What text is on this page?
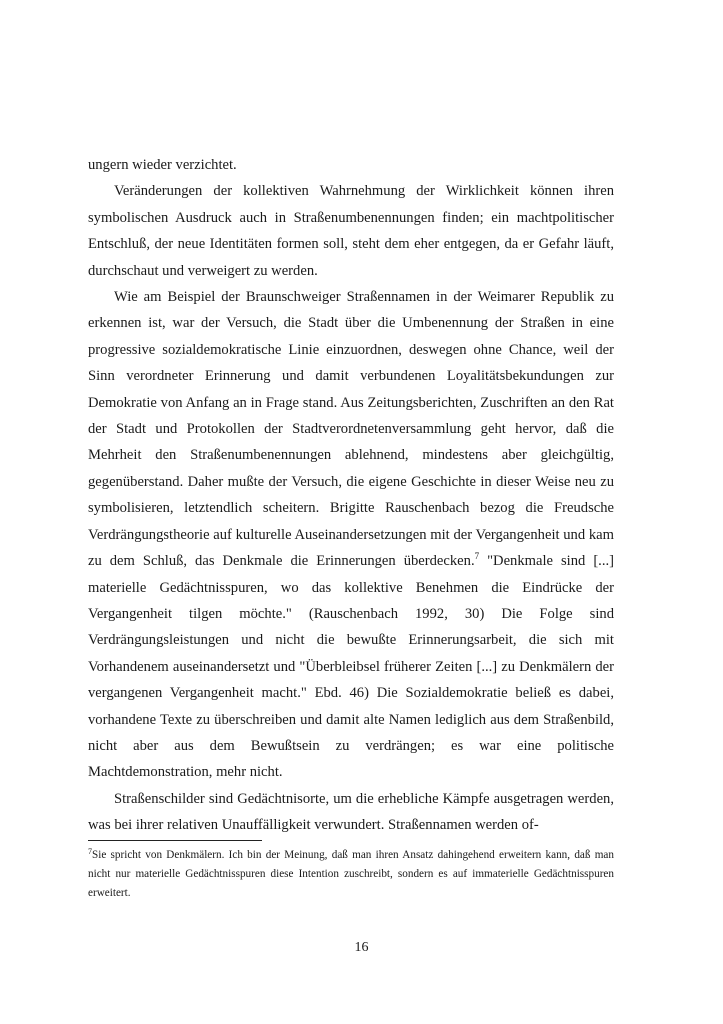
ungern wieder verzichtet.

Veränderungen der kollektiven Wahrnehmung der Wirklichkeit können ihren symbolischen Ausdruck auch in Straßenumbenennungen finden; ein machtpolitischer Entschluß, der neue Identitäten formen soll, steht dem eher entgegen, da er Gefahr läuft, durchschaut und verweigert zu werden.

Wie am Beispiel der Braunschweiger Straßennamen in der Weimarer Republik zu erkennen ist, war der Versuch, die Stadt über die Umbenennung der Straßen in eine progressive sozialdemokratische Linie einzuordnen, deswegen ohne Chance, weil der Sinn verordneter Erinnerung und damit verbundenen Loyalitätsbekundungen zur Demokratie von Anfang an in Frage stand. Aus Zeitungsberichten, Zuschriften an den Rat der Stadt und Protokollen der Stadtverordnetenversammlung geht hervor, daß die Mehrheit den Straßenumbenennungen ablehnend, mindestens aber gleichgültig, gegenüberstand. Daher mußte der Versuch, die eigene Geschichte in dieser Weise neu zu symbolisieren, letztendlich scheitern. Brigitte Rauschenbach bezog die Freudsche Verdrängungstheorie auf kulturelle Auseinandersetzungen mit der Vergangenheit und kam zu dem Schluß, das Denkmale die Erinnerungen überdecken.$^7$ "Denkmale sind [...] materielle Gedächtnisspuren, wo das kollektive Benehmen die Eindrücke der Vergangenheit tilgen möchte." (Rauschenbach 1992, 30) Die Folge sind Verdrängungsleistungen und nicht die bewußte Erinnerungsarbeit, die sich mit Vorhandenem auseinandersetzt und "Überbleibsel früherer Zeiten [...] zu Denkmälern der vergangenen Vergangenheit macht." Ebd. 46) Die Sozialdemokratie beließ es dabei, vorhandene Texte zu überschreiben und damit alte Namen lediglich aus dem Straßenbild, nicht aber aus dem Bewußtsein zu verdrängen; es war eine politische Machtdemonstration, mehr nicht.

Straßenschilder sind Gedächtnisorte, um die erhebliche Kämpfe ausgetragen werden, was bei ihrer relativen Unauffälligkeit verwundert. Straßennamen werden of-

$^7$Sie spricht von Denkmälern. Ich bin der Meinung, daß man ihren Ansatz dahingehend erweitern kann, daß man nicht nur materielle Gedächtnisspuren diese Intention zuschreibt, sondern es auf immaterielle Gedächtnisspuren erweitert.
16
